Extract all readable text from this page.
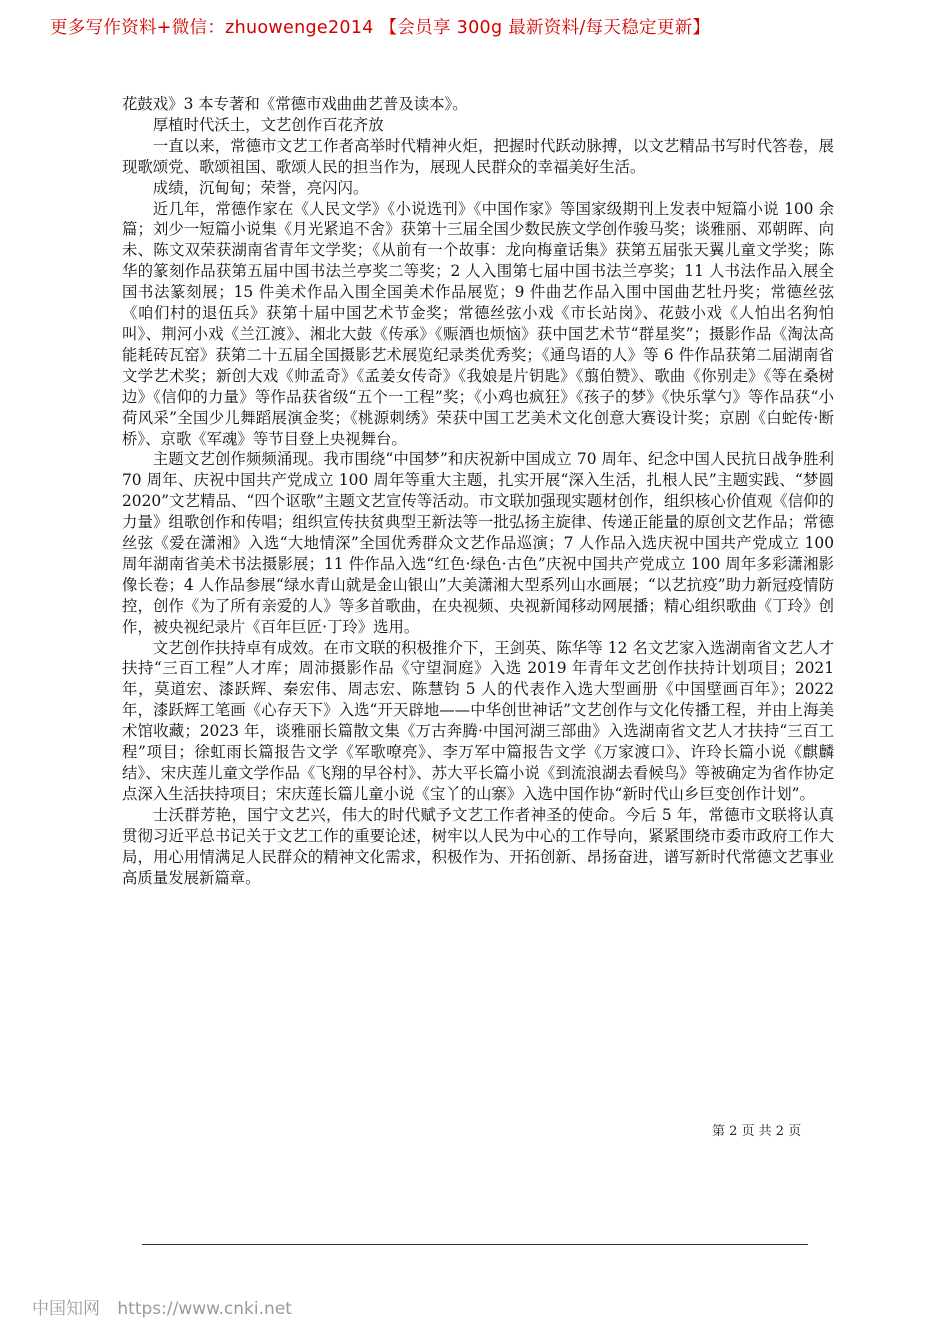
更多写作资料+微信：zhuowenge2014 【会员享 300g 最新资料/每天稳定更新】

花鼓戏》3 本专著和《常德市戏曲曲艺普及读本》。

厚植时代沃土，文艺创作百花齐放

一直以来，常德市文艺工作者高举时代精神火炬，把握时代跃动脉搏，以文艺精品书写时代答卷，展现歌颂党、歌颂祖国、歌颂人民的担当作为，展现人民群众的幸福美好生活。

成绩，沉甸甸；荣誉，亮闪闪。

近几年，常德作家在《人民文学》《小说选刊》《中国作家》等国家级期刊上发表中短篇小说 100 余篇；刘少一短篇小说集《月光紧追不舍》获第十三届全国少数民族文学创作骏马奖；谈雅丽、邓朝晖、向未、陈文双荣获湖南省青年文学奖；《从前有一个故事：龙向梅童话集》获第五届张天翼儿童文学奖；陈华的篆刻作品获第五届中国书法兰亭奖二等奖；2 人入围第七届中国书法兰亭奖；11 人书法作品入展全国书法篆刻展；15 件美术作品入围全国美术作品展览；9 件曲艺作品入围中国曲艺牡丹奖；常德丝弦《咱们村的退伍兵》获第十届中国艺术节金奖；常德丝弦小戏《市长站岗》、花鼓小戏《人怕出名狗怕叫》、荆河小戏《兰江渡》、湘北大鼓《传承》《赈酒也烦恼》获中国艺术节“群星奖”；摄影作品《淘汰高能耗砖瓦窑》获第二十五届全国摄影艺术展览纪录类优秀奖；《通鸟语的人》等 6 件作品获第二届湖南省文学艺术奖；新创大戏《帅孟奇》《孟姜女传奇》《我娘是片钥匙》《翦伯赞》、歌曲《你别走》《等在桑树边》《信仰的力量》等作品获省级“五个一工程”奖；《小鸡也疯狂》《孩子的梦》《快乐掌勺》等作品获“小荷风采”全国少儿舞蹈展演金奖；《桃源刺绣》荣获中国工艺美术文化创意大赛设计奖；京剧《白蛇传·断桥》、京歌《军魂》等节目登上央视舞台。

主题文艺创作频频涌现。我市围绕“中国梦”和庆祝新中国成立 70 周年、纪念中国人民抗日战争胜利 70 周年、庆祝中国共产党成立 100 周年等重大主题，扎实开展“深入生活，扎根人民”主题实践、“梦圆 2020”文艺精品、“四个讴歌”主题文艺宣传等活动。市文联加强现实题材创作，组织核心价值观《信仰的力量》组歌创作和传唱；组织宣传扶贫典型王新法等一批弘扬主旋律、传递正能量的原创文艺作品；常德丝弦《爱在潇湘》入选“大地情深”全国优秀群众文艺作品巡演；7 人作品入选庆祝中国共产党成立 100 周年湖南省美术书法摄影展；11 件作品入选“红色·绿色·古色”庆祝中国共产党成立 100 周年多彩潇湘影像长卷；4 人作品参展“绿水青山就是金山银山”大美潇湘大型系列山水画展；“以艺抗疫”助力新冠疫情防控，创作《为了所有亲爱的人》等多首歌曲，在央视频、央视新闻移动网展播；精心组织歌曲《丁玲》创作，被央视纪录片《百年巨匠·丁玲》选用。

文艺创作扶持卓有成效。在市文联的积极推介下，王剑英、陈华等 12 名文艺家入选湖南省文艺人才扶持“三百工程”人才库；周沛摄影作品《守望洞庭》入选 2019 年青年文艺创作扶持计划项目；2021 年，莫道宏、漆跃辉、秦宏伟、周志宏、陈慧钧 5 人的代表作入选大型画册《中国壁画百年》；2022 年，漆跃辉工笔画《心存天下》入选“开天辟地——中华创世神话”文艺创作与文化传播工程，并由上海美术馆收藏；2023 年，谈雅丽长篇散文集《万古奔腾·中国河湖三部曲》入选湖南省文艺人才扶持“三百工程”项目；徐虹雨长篇报告文学《军歌嘹亮》、李万军中篇报告文学《万家渡口》、许玲长篇小说《麒麟结》、宋庆莲儿童文学作品《飞翔的早谷村》、苏大平长篇小说《到流浪湖去看候鸟》等被确定为省作协定点深入生活扶持项目；宋庆莲长篇儿童小说《宝丫的山寨》入选中国作协“新时代山乡巨变创作计划”。

士沃群芳艳，国宁文艺兴，伟大的时代赋予文艺工作者神圣的使命。今后 5 年，常德市文联将认真贯彻习近平总书记关于文艺工作的重要论述，树牢以人民为中心的工作导向，紧紧围绕市委市政府工作大局，用心用情满足人民群众的精神文化需求，积极作为、开拓创新、昂扬奋进，谱写新时代常德文艺事业高质量发展新篇章。

第 2 页 共 2 页
中国知网 https://www.cnki.net
